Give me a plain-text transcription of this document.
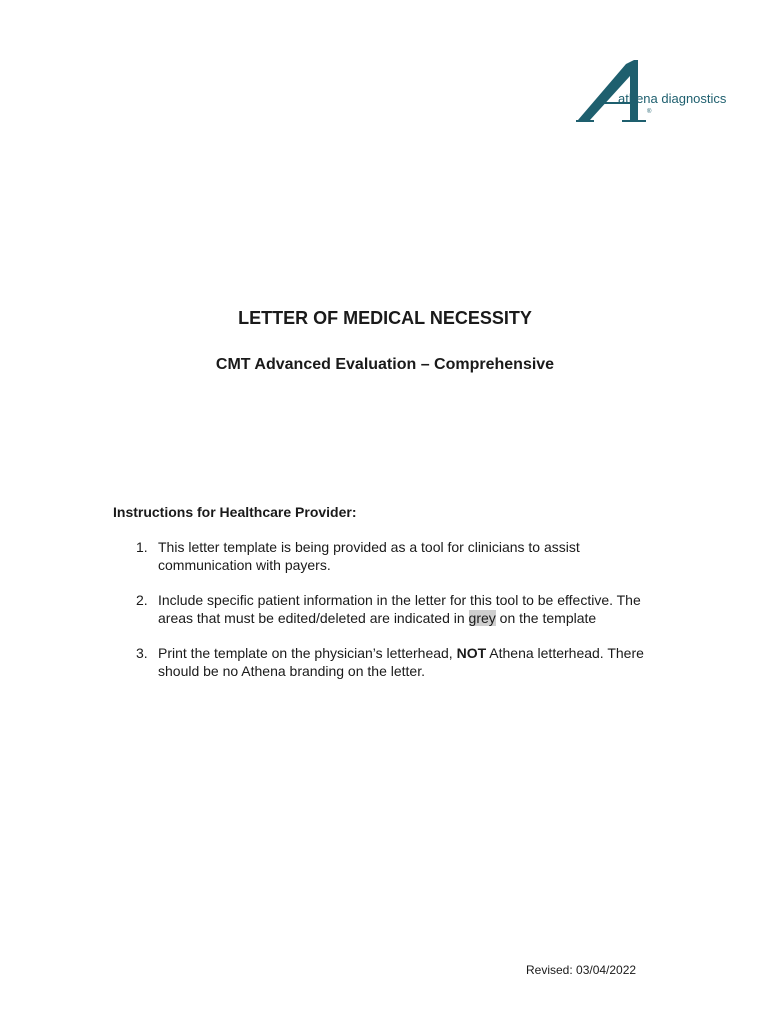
athena diagnostics
®
LETTER OF MEDICAL NECESSITY
CMT Advanced Evaluation – Comprehensive
Instructions for Healthcare Provider:
1. This letter template is being provided as a tool for clinicians to assist communication with payers.
2. Include specific patient information in the letter for this tool to be effective. The areas that must be edited/deleted are indicated in grey on the template
3. Print the template on the physician’s letterhead, NOT Athena letterhead. There should be no Athena branding on the letter.
Revised: 03/04/2022
